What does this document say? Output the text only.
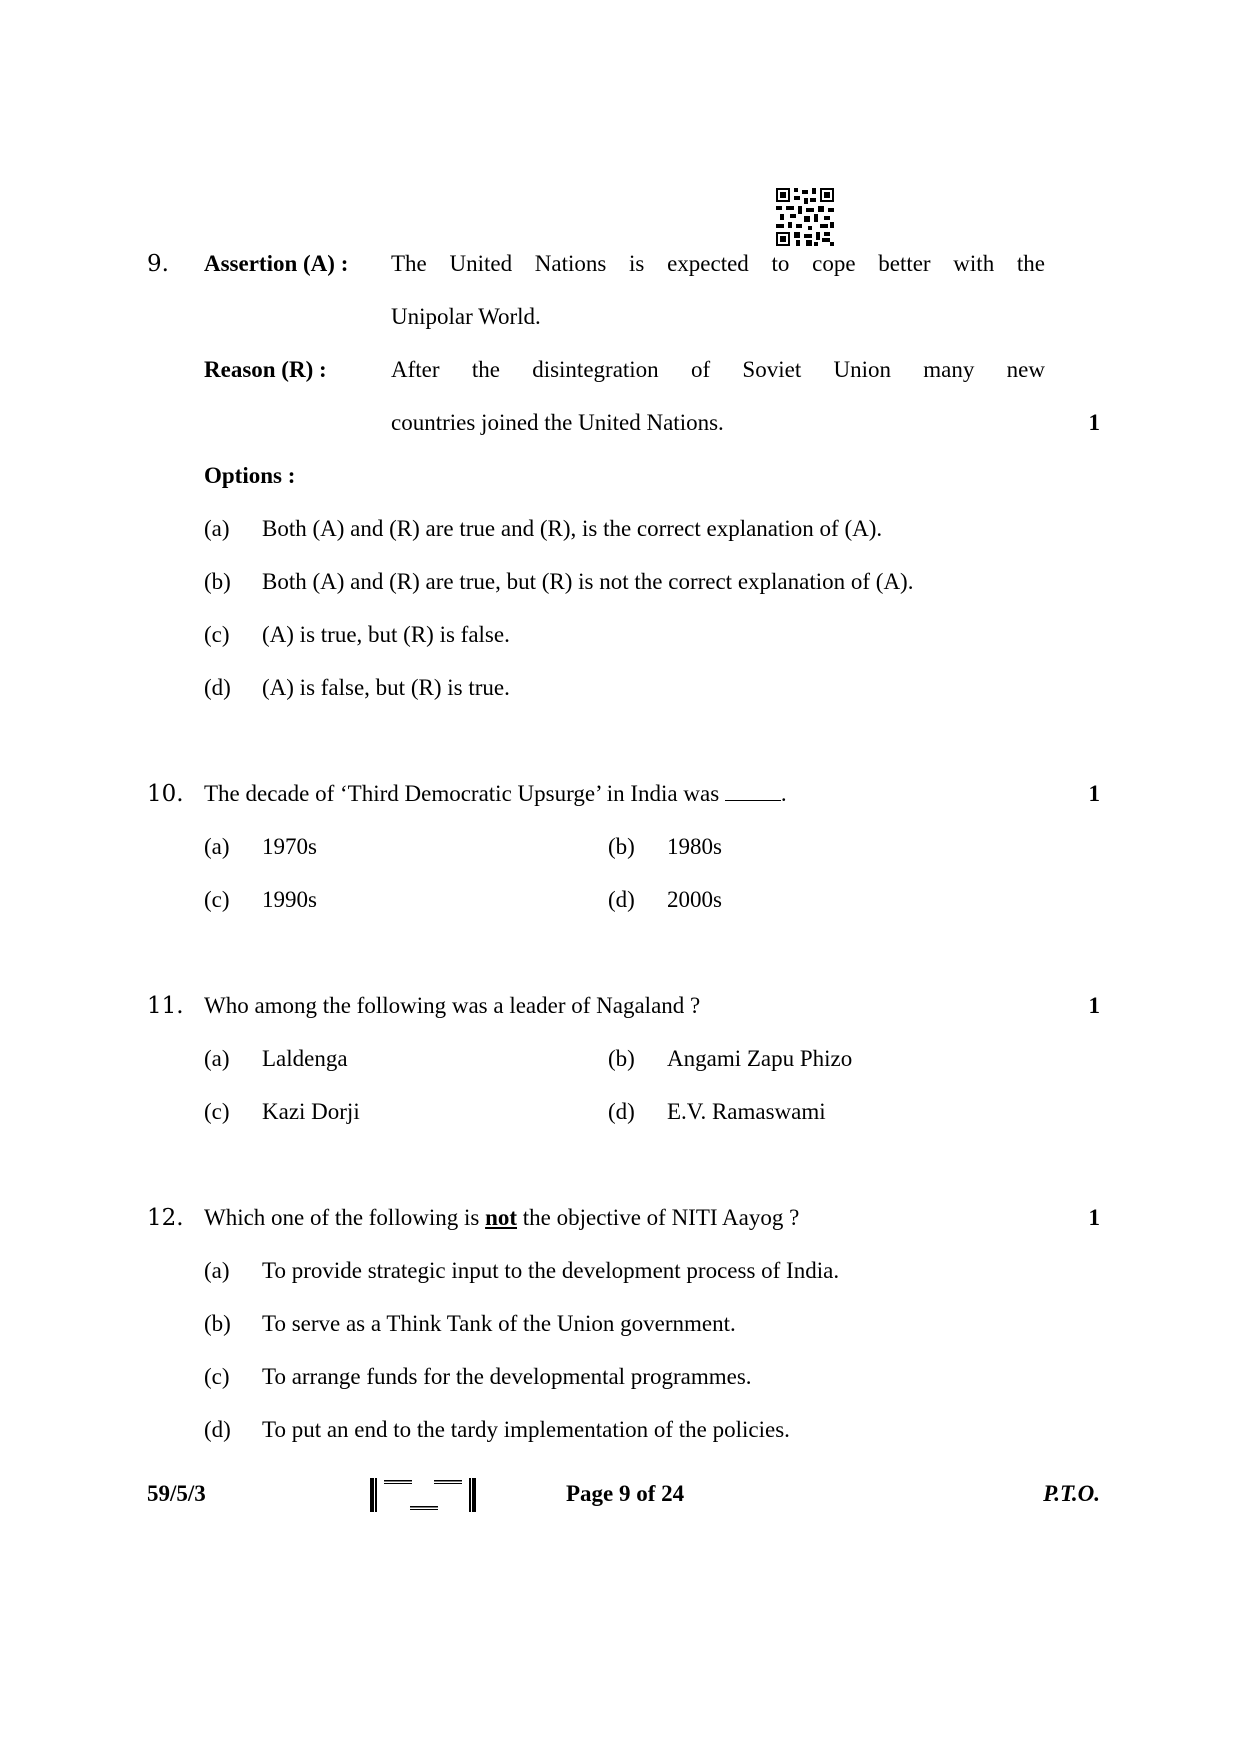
9. Assertion (A) : The United Nations is expected to cope better with the
Unipolar World.
Reason (R) :	After the disintegration of Soviet Union many new
countries joined the United Nations.	1
Options :
(a) Both (A) and (R) are true and (R), is the correct explanation of (A).
(b) Both (A) and (R) are true, but (R) is not the correct explanation of (A).
(c) (A) is true, but (R) is false.
(d) (A) is false, but (R) is true.
10. The decade of ‘Third Democratic Upsurge’ in India was	.	1
(a) 1970s	(b) 1980s
(c) 1990s	(d) 2000s
11. Who among the following was a leader of Nagaland ?	1
(a) Laldenga	(b) Angami Zapu Phizo
(c) Kazi Dorji	(d) E.V. Ramaswami
12. Which one of the following is not the objective of NITI Aayog ?	1
(a) To provide strategic input to the development process of India.
(b) To serve as a Think Tank of the Union government.
(c) To arrange funds for the developmental programmes.
(d) To put an end to the tardy implementation of the policies.
59/5/3	Page 9 of 24	P.T.O.
